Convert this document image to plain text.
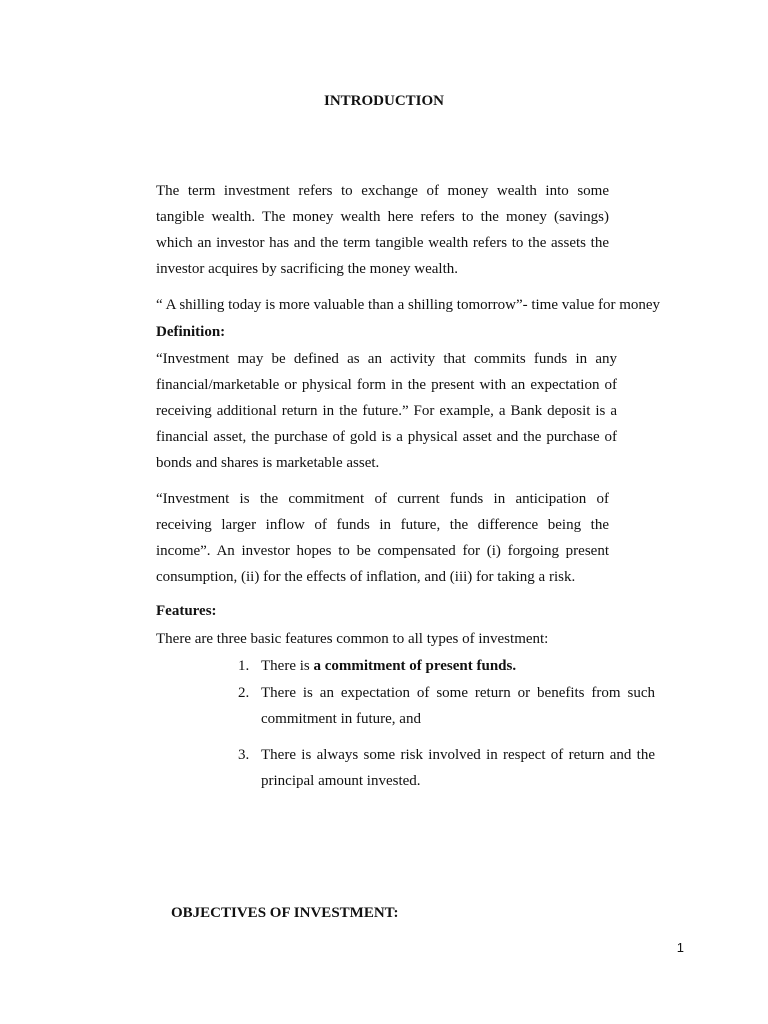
INTRODUCTION
The term investment refers to exchange of money wealth into some tangible wealth. The money wealth here refers to the money (savings) which an investor has and the term tangible wealth refers to the assets the investor acquires by sacrificing the money wealth.
“ A shilling today is more valuable than a shilling tomorrow”- time value for money
Definition:
“Investment may be defined as an activity that commits funds in any financial/marketable or physical form in the present with an expectation of receiving additional return in the future.” For example, a Bank deposit is a financial asset, the purchase of gold is a physical asset and the purchase of bonds and shares is marketable asset.
“Investment is the commitment of current funds in anticipation of receiving larger inflow of funds in future, the difference being the income”. An investor hopes to be compensated for (i) forgoing present consumption, (ii) for the effects of inflation, and (iii) for taking a risk.
Features:
There are three basic features common to all types of investment:
1. There is a commitment of present funds.
2. There is an expectation of some return or benefits from such commitment in future, and
3. There is always some risk involved in respect of return and the principal amount invested.
OBJECTIVES OF INVESTMENT:
1
